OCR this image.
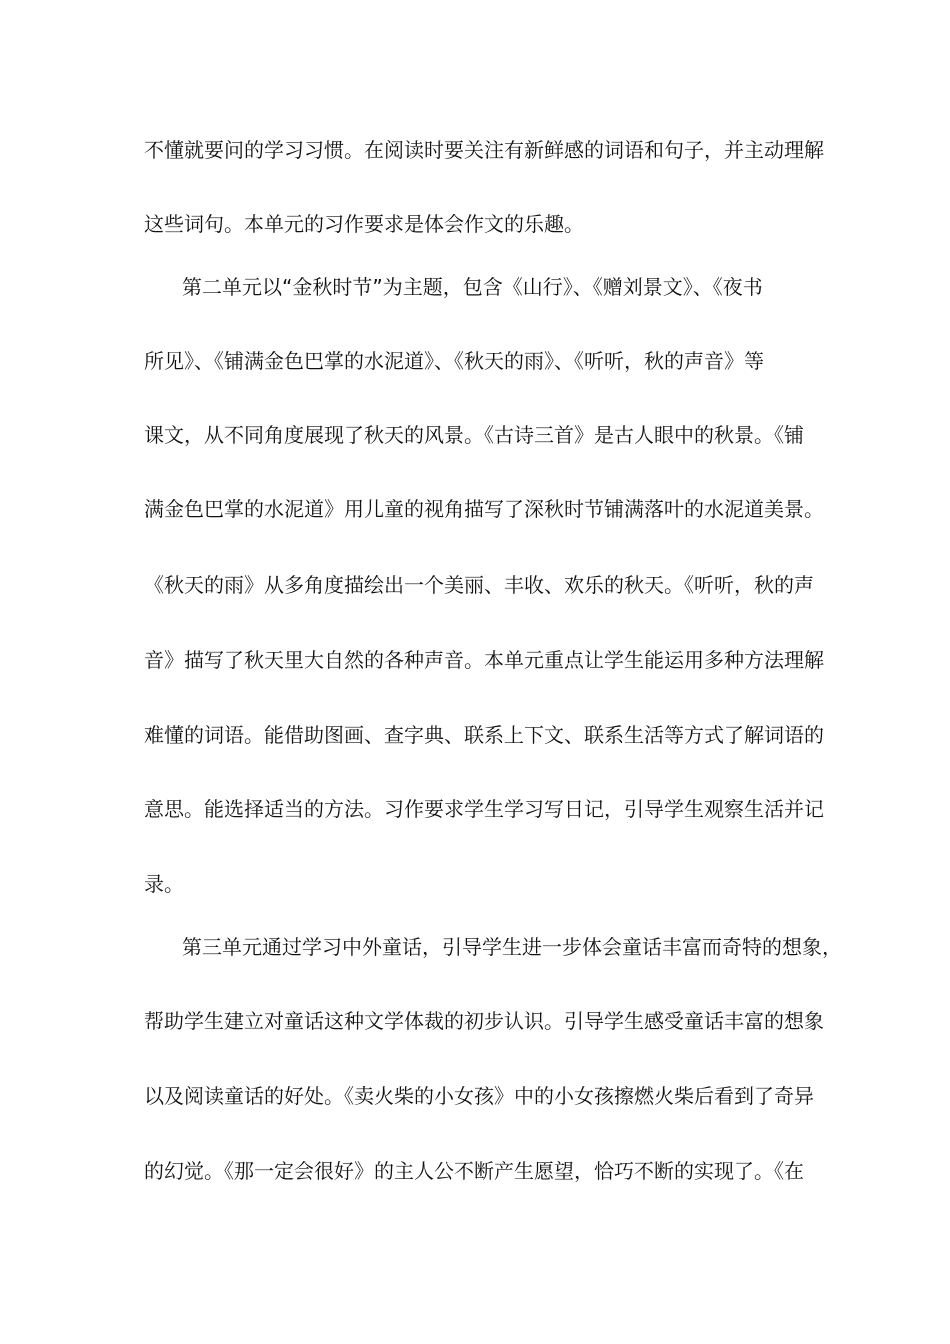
不懂就要问的学习习惯。在阅读时要关注有新鲜感的词语和句子，并主动理解
这些词句。本单元的习作要求是体会作文的乐趣。
第二单元以“金秋时节”为主题，包含《山行》、《赠刘景文》、《夜书
所见》、《铺满金色巴掌的水泥道》、《秋天的雨》、《听听，秋的声音》等
课文，从不同角度展现了秋天的风景。《古诗三首》是古人眼中的秋景。《铺
满金色巴掌的水泥道》用儿童的视角描写了深秋时节铺满落叶的水泥道美景。
《秋天的雨》从多角度描绘出一个美丽、丰收、欢乐的秋天。《听听，秋的声
音》描写了秋天里大自然的各种声音。本单元重点让学生能运用多种方法理解
难懂的词语。能借助图画、查字典、联系上下文、联系生活等方式了解词语的
意思。能选择适当的方法。习作要求学生学习写日记，引导学生观察生活并记
录。
第三单元通过学习中外童话，引导学生进一步体会童话丰富而奇特的想象，
帮助学生建立对童话这种文学体裁的初步认识。引导学生感受童话丰富的想象
以及阅读童话的好处。《卖火柴的小女孩》中的小女孩擦燃火柴后看到了奇异
的幻觉。《那一定会很好》的主人公不断产生愿望，恰巧不断的实现了。《在
